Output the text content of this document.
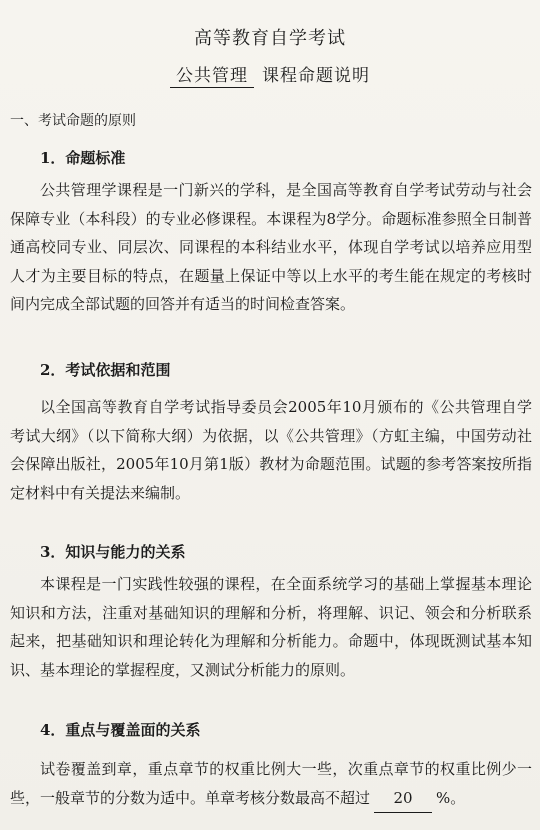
高等教育自学考试
公共管理 课程命题说明
一、考试命题的原则
1．命题标准
公共管理学课程是一门新兴的学科，是全国高等教育自学考试劳动与社会保障专业（本科段）的专业必修课程。本课程为8学分。命题标准参照全日制普通高校同专业、同层次、同课程的本科结业水平，体现自学考试以培养应用型人才为主要目标的特点，在题量上保证中等以上水平的考生能在规定的考核时间内完成全部试题的回答并有适当的时间检查答案。
2．考试依据和范围
以全国高等教育自学考试指导委员会2005年10月颁布的《公共管理自学考试大纲》（以下简称大纲）为依据，以《公共管理》（方虹主编，中国劳动社会保障出版社，2005年10月第1版）教材为命题范围。试题的参考答案按所指定材料中有关提法来编制。
3．知识与能力的关系
本课程是一门实践性较强的课程，在全面系统学习的基础上掌握基本理论知识和方法，注重对基础知识的理解和分析，将理解、识记、领会和分析联系起来，把基础知识和理论转化为理解和分析能力。命题中，体现既测试基本知识、基本理论的掌握程度，又测试分析能力的原则。
4．重点与覆盖面的关系
试卷覆盖到章，重点章节的权重比例大一些，次重点章节的权重比例少一些，一般章节的分数为适中。单章考核分数最高不超过 20 %。
